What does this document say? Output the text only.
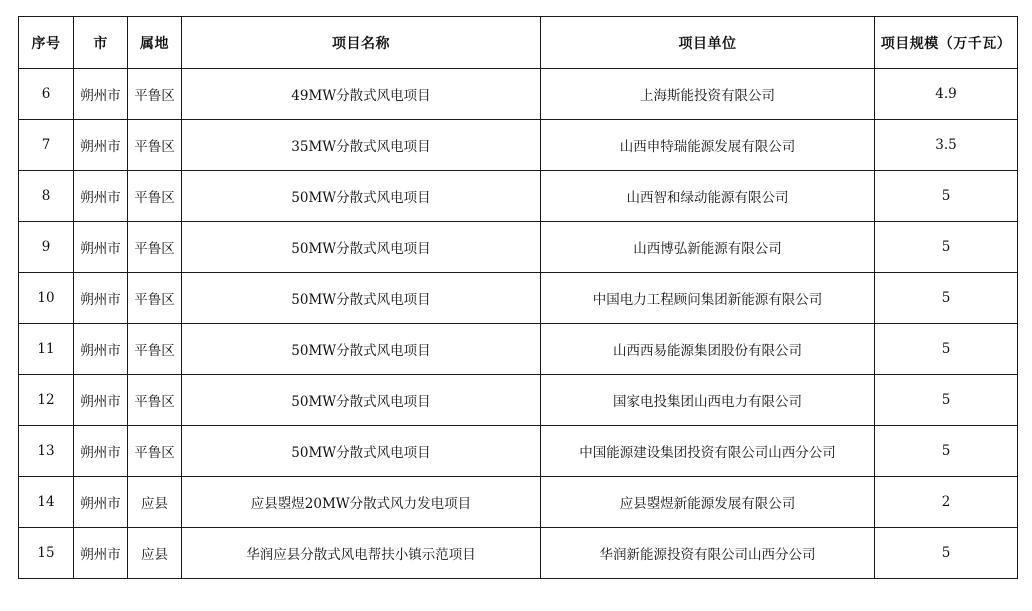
序号	市	属地	项目名称	项目单位	项目规模（万千瓦）
6	朔州市	平鲁区	49MW分散式风电项目	上海斯能投资有限公司	4.9
7	朔州市	平鲁区	35MW分散式风电项目	山西申特瑞能源发展有限公司	3.5
8	朔州市	平鲁区	50MW分散式风电项目	山西智和绿动能源有限公司	5
9	朔州市	平鲁区	50MW分散式风电项目	山西博弘新能源有限公司	5
10	朔州市	平鲁区	50MW分散式风电项目	中国电力工程顾问集团新能源有限公司	5
11	朔州市	平鲁区	50MW分散式风电项目	山西西易能源集团股份有限公司	5
12	朔州市	平鲁区	50MW分散式风电项目	国家电投集团山西电力有限公司	5
13	朔州市	平鲁区	50MW分散式风电项目	中国能源建设集团投资有限公司山西分公司	5
14	朔州市	应县	应县曌煜20MW分散式风力发电项目	应县曌煜新能源发展有限公司	2
15	朔州市	应县	华润应县分散式风电帮扶小镇示范项目	华润新能源投资有限公司山西分公司	5
